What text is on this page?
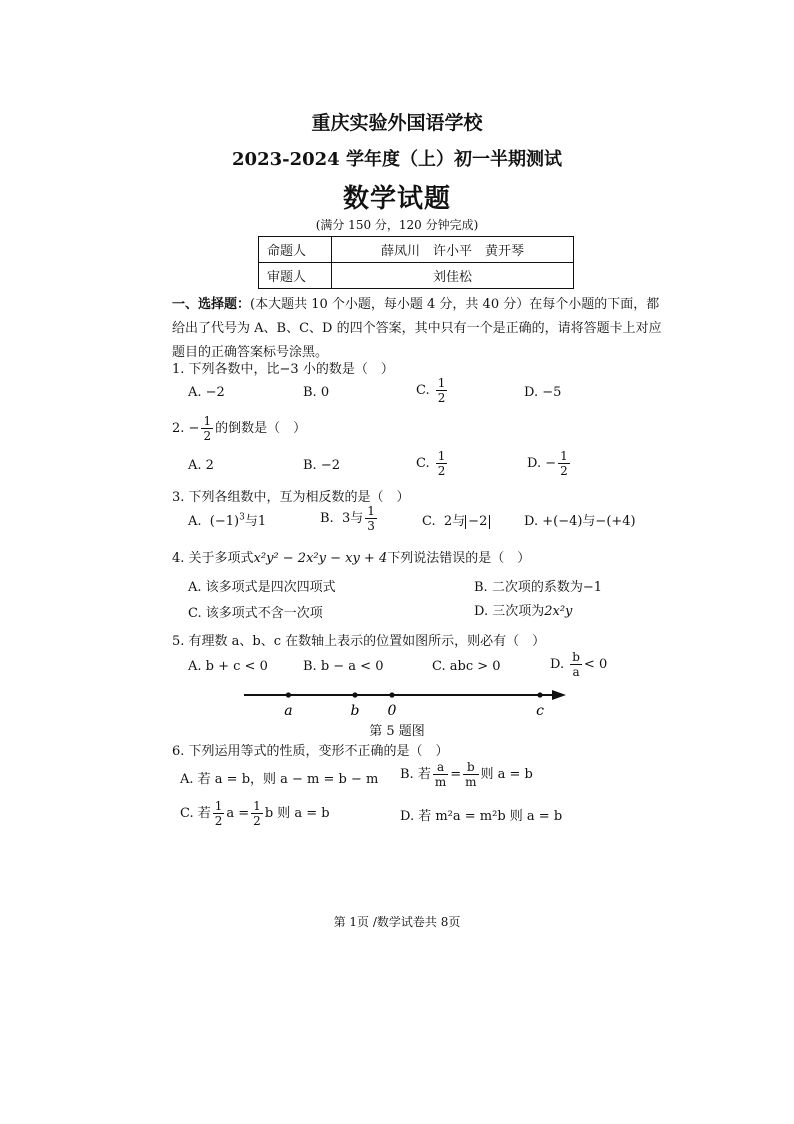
重庆实验外国语学校
2023-2024 学年度（上）初一半期测试
数学试题
(满分 150 分，120 分钟完成)
命题人	薛凤川　许小平　黄开琴
审题人	刘佳松
一、选择题：(本大题共 10 个小题，每小题 4 分，共 40 分）在每个小题的下面，都给出了代号为 A、B、C、D 的四个答案，其中只有一个是正确的，请将答题卡上对应题目的正确答案标号涂黑。
1. 下列各数中，比−3 小的数是（　）
A. −2	B. 0	C. $\frac{1}{2}$	D. −5
2. − $\frac{1}{2}$ 的倒数是（　）
A. 2	B. −2	C. $\frac{1}{2}$	D. − $\frac{1}{2}$
3. 下列各组数中，互为相反数的是（　）
A. $(-1)^3$与1	B. 3与 $\frac{1}{3}$	C. 2与 −2	D. +(−4)与−(+4)
4. 关于多项式x²y² − 2x²y − xy + 4下列说法错误的是（　）
A. 该多项式是四次四项式	B. 二次项的系数为−1
C. 该多项式不含一次项	D. 三次项为2x²y
5. 有理数 a、b、c 在数轴上表示的位置如图所示，则必有（　）
A. b + c < 0	B. b − a < 0	C. abc > 0	D. $\frac{b}{a} < 0$
a	b 0	c
第 5 题图
6. 下列运用等式的性质，变形不正确的是（　）
A. 若 a = b，则 a − m = b − m B. 若 $\frac{a}{m} = \frac{b}{m}$ 则 a = b
C. 若 $\frac{1}{2}$ $a = \frac{1}{2}$ b 则 a = b	D. 若 m²a = m²b 则 a = b
第 1页 /数学试卷共 8页
